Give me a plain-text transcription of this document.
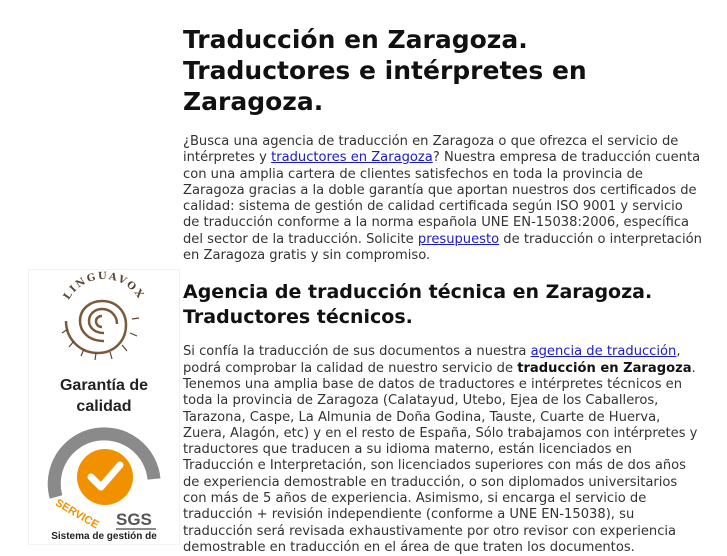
LINGUAVOX
Garantía de
calidad
SERVICE SGS
Sistema de gestión de
Traducción en Zaragoza.
Traductores e intérpretes en
Zaragoza.

¿Busca una agencia de traducción en Zaragoza o que ofrezca el servicio de intérpretes y traductores en Zaragoza? Nuestra empresa de traducción cuenta con una amplia cartera de clientes satisfechos en toda la provincia de Zaragoza gracias a la doble garantía que aportan nuestros dos certificados de calidad: sistema de gestión de calidad certificada según ISO 9001 y servicio de traducción conforme a la norma española UNE EN-15038:2006, específica del sector de la traducción. Solicite presupuesto de traducción o interpretación en Zaragoza gratis y sin compromiso.

Agencia de traducción técnica en Zaragoza.
Traductores técnicos.

Si confía la traducción de sus documentos a nuestra agencia de traducción, podrá comprobar la calidad de nuestro servicio de traducción en Zaragoza. Tenemos una amplia base de datos de traductores e intérpretes técnicos en toda la provincia de Zaragoza (Calatayud, Utebo, Ejea de los Caballeros, Tarazona, Caspe, La Almunia de Doña Godina, Tauste, Cuarte de Huerva, Zuera, Alagón, etc) y en el resto de España, Sólo trabajamos con intérpretes y traductores que traducen a su idioma materno, están licenciados en Traducción e Interpretación, son licenciados superiores con más de dos años de experiencia demostrable en traducción, o son diplomados universitarios con más de 5 años de experiencia. Asimismo, si encarga el servicio de traducción + revisión independiente (conforme a UNE EN-15038), su traducción será revisada exhaustivamente por otro revisor con experiencia demostrable en traducción en el área de que traten los documentos.
